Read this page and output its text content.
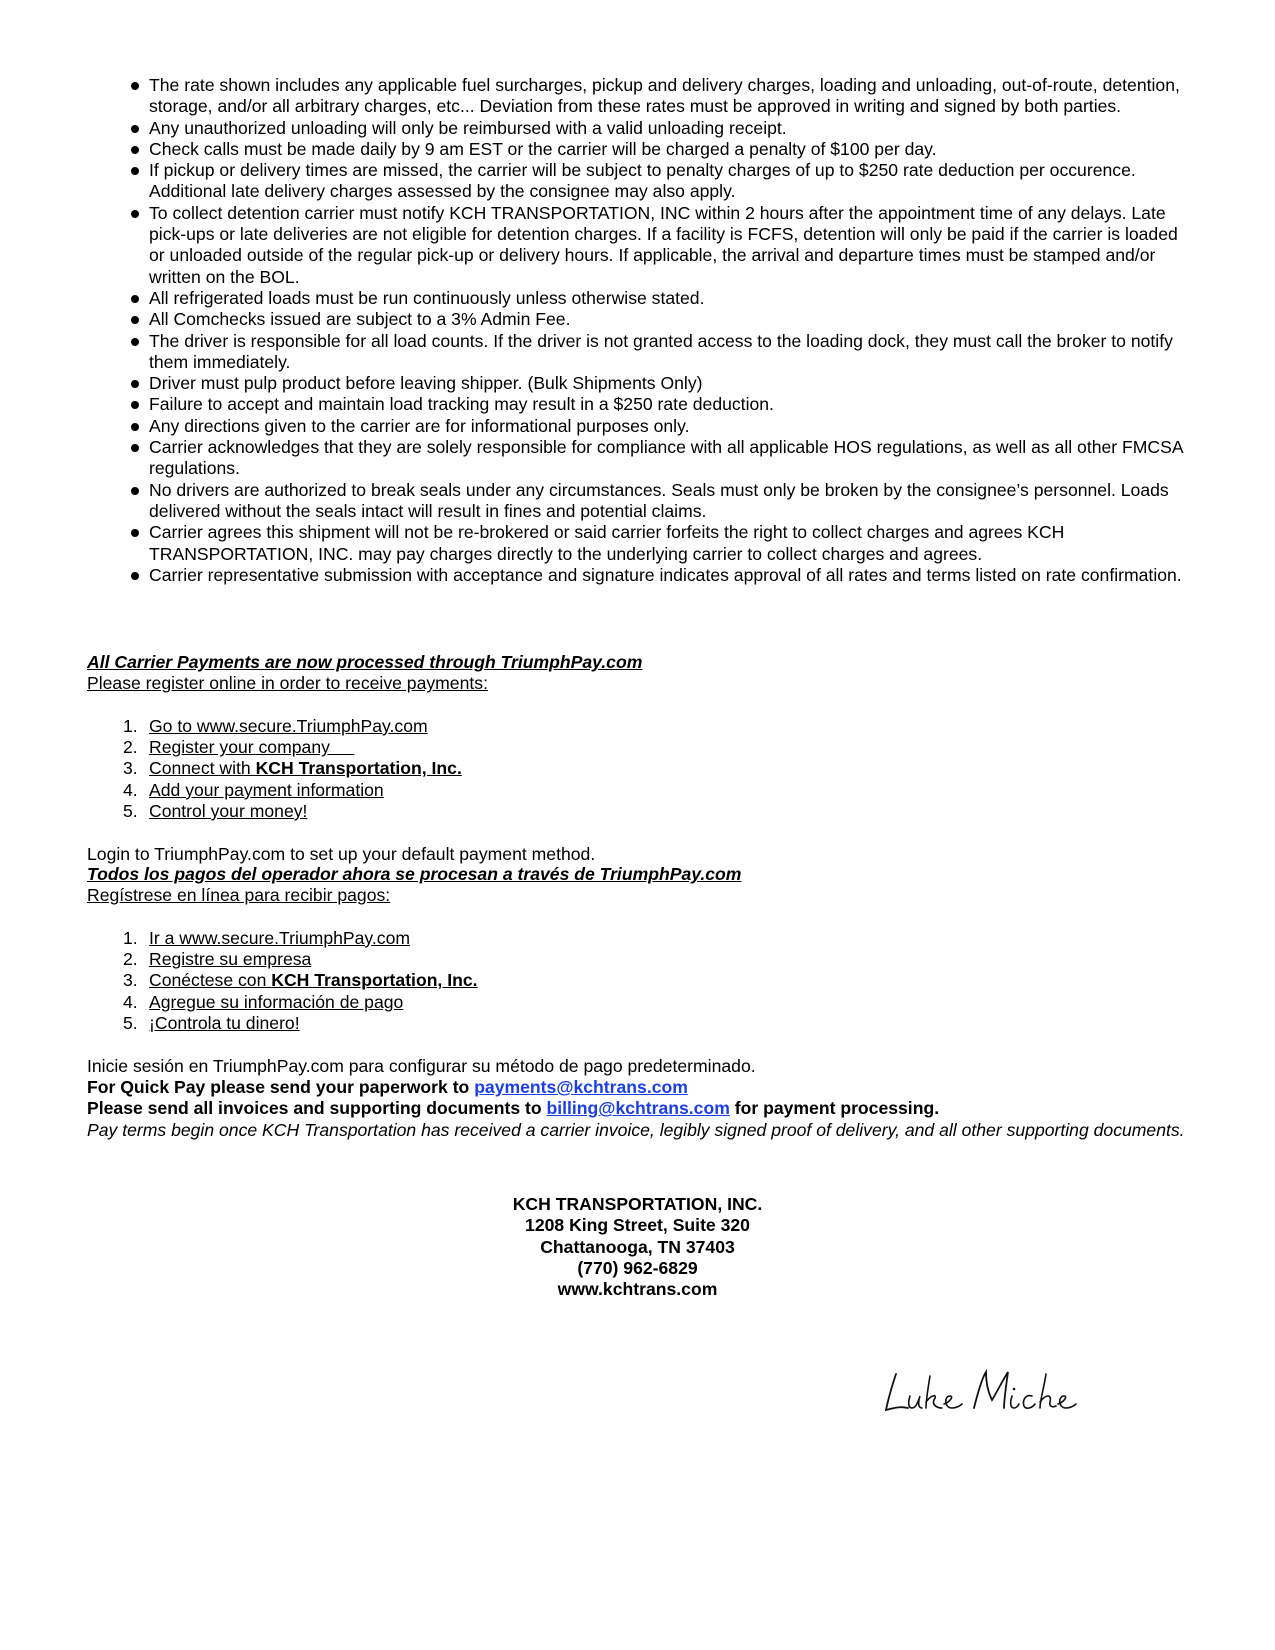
The rate shown includes any applicable fuel surcharges, pickup and delivery charges, loading and unloading, out-of-route, detention, storage, and/or all arbitrary charges, etc... Deviation from these rates must be approved in writing and signed by both parties.
Any unauthorized unloading will only be reimbursed with a valid unloading receipt.
Check calls must be made daily by 9 am EST or the carrier will be charged a penalty of $100 per day.
If pickup or delivery times are missed, the carrier will be subject to penalty charges of up to $250 rate deduction per occurence. Additional late delivery charges assessed by the consignee may also apply.
To collect detention carrier must notify KCH TRANSPORTATION, INC within 2 hours after the appointment time of any delays. Late pick-ups or late deliveries are not eligible for detention charges. If a facility is FCFS, detention will only be paid if the carrier is loaded or unloaded outside of the regular pick-up or delivery hours. If applicable, the arrival and departure times must be stamped and/or written on the BOL.
All refrigerated loads must be run continuously unless otherwise stated.
All Comchecks issued are subject to a 3% Admin Fee.
The driver is responsible for all load counts. If the driver is not granted access to the loading dock, they must call the broker to notify them immediately.
Driver must pulp product before leaving shipper. (Bulk Shipments Only)
Failure to accept and maintain load tracking may result in a $250 rate deduction.
Any directions given to the carrier are for informational purposes only.
Carrier acknowledges that they are solely responsible for compliance with all applicable HOS regulations, as well as all other FMCSA regulations.
No drivers are authorized to break seals under any circumstances. Seals must only be broken by the consignee’s personnel. Loads delivered without the seals intact will result in fines and potential claims.
Carrier agrees this shipment will not be re-brokered or said carrier forfeits the right to collect charges and agrees KCH TRANSPORTATION, INC. may pay charges directly to the underlying carrier to collect charges and agrees.
Carrier representative submission with acceptance and signature indicates approval of all rates and terms listed on rate confirmation.
All Carrier Payments are now processed through TriumphPay.com
Please register online in order to receive payments:
1. Go to www.secure.TriumphPay.com
2. Register your company
3. Connect with KCH Transportation, Inc.
4. Add your payment information
5. Control your money!
Login to TriumphPay.com to set up your default payment method.
Todos los pagos del operador ahora se procesan a través de TriumphPay.com
Regístrese en línea para recibir pagos:
1. Ir a www.secure.TriumphPay.com
2. Registre su empresa
3. Conéctese con KCH Transportation, Inc.
4. Agregue su información de pago
5. ¡Controla tu dinero!
Inicie sesión en TriumphPay.com para configurar su método de pago predeterminado.
For Quick Pay please send your paperwork to payments@kchtrans.com
Please send all invoices and supporting documents to billing@kchtrans.com for payment processing.
Pay terms begin once KCH Transportation has received a carrier invoice, legibly signed proof of delivery, and all other supporting documents.
KCH TRANSPORTATION, INC.
1208 King Street, Suite 320
Chattanooga, TN 37403
(770) 962-6829
www.kchtrans.com
